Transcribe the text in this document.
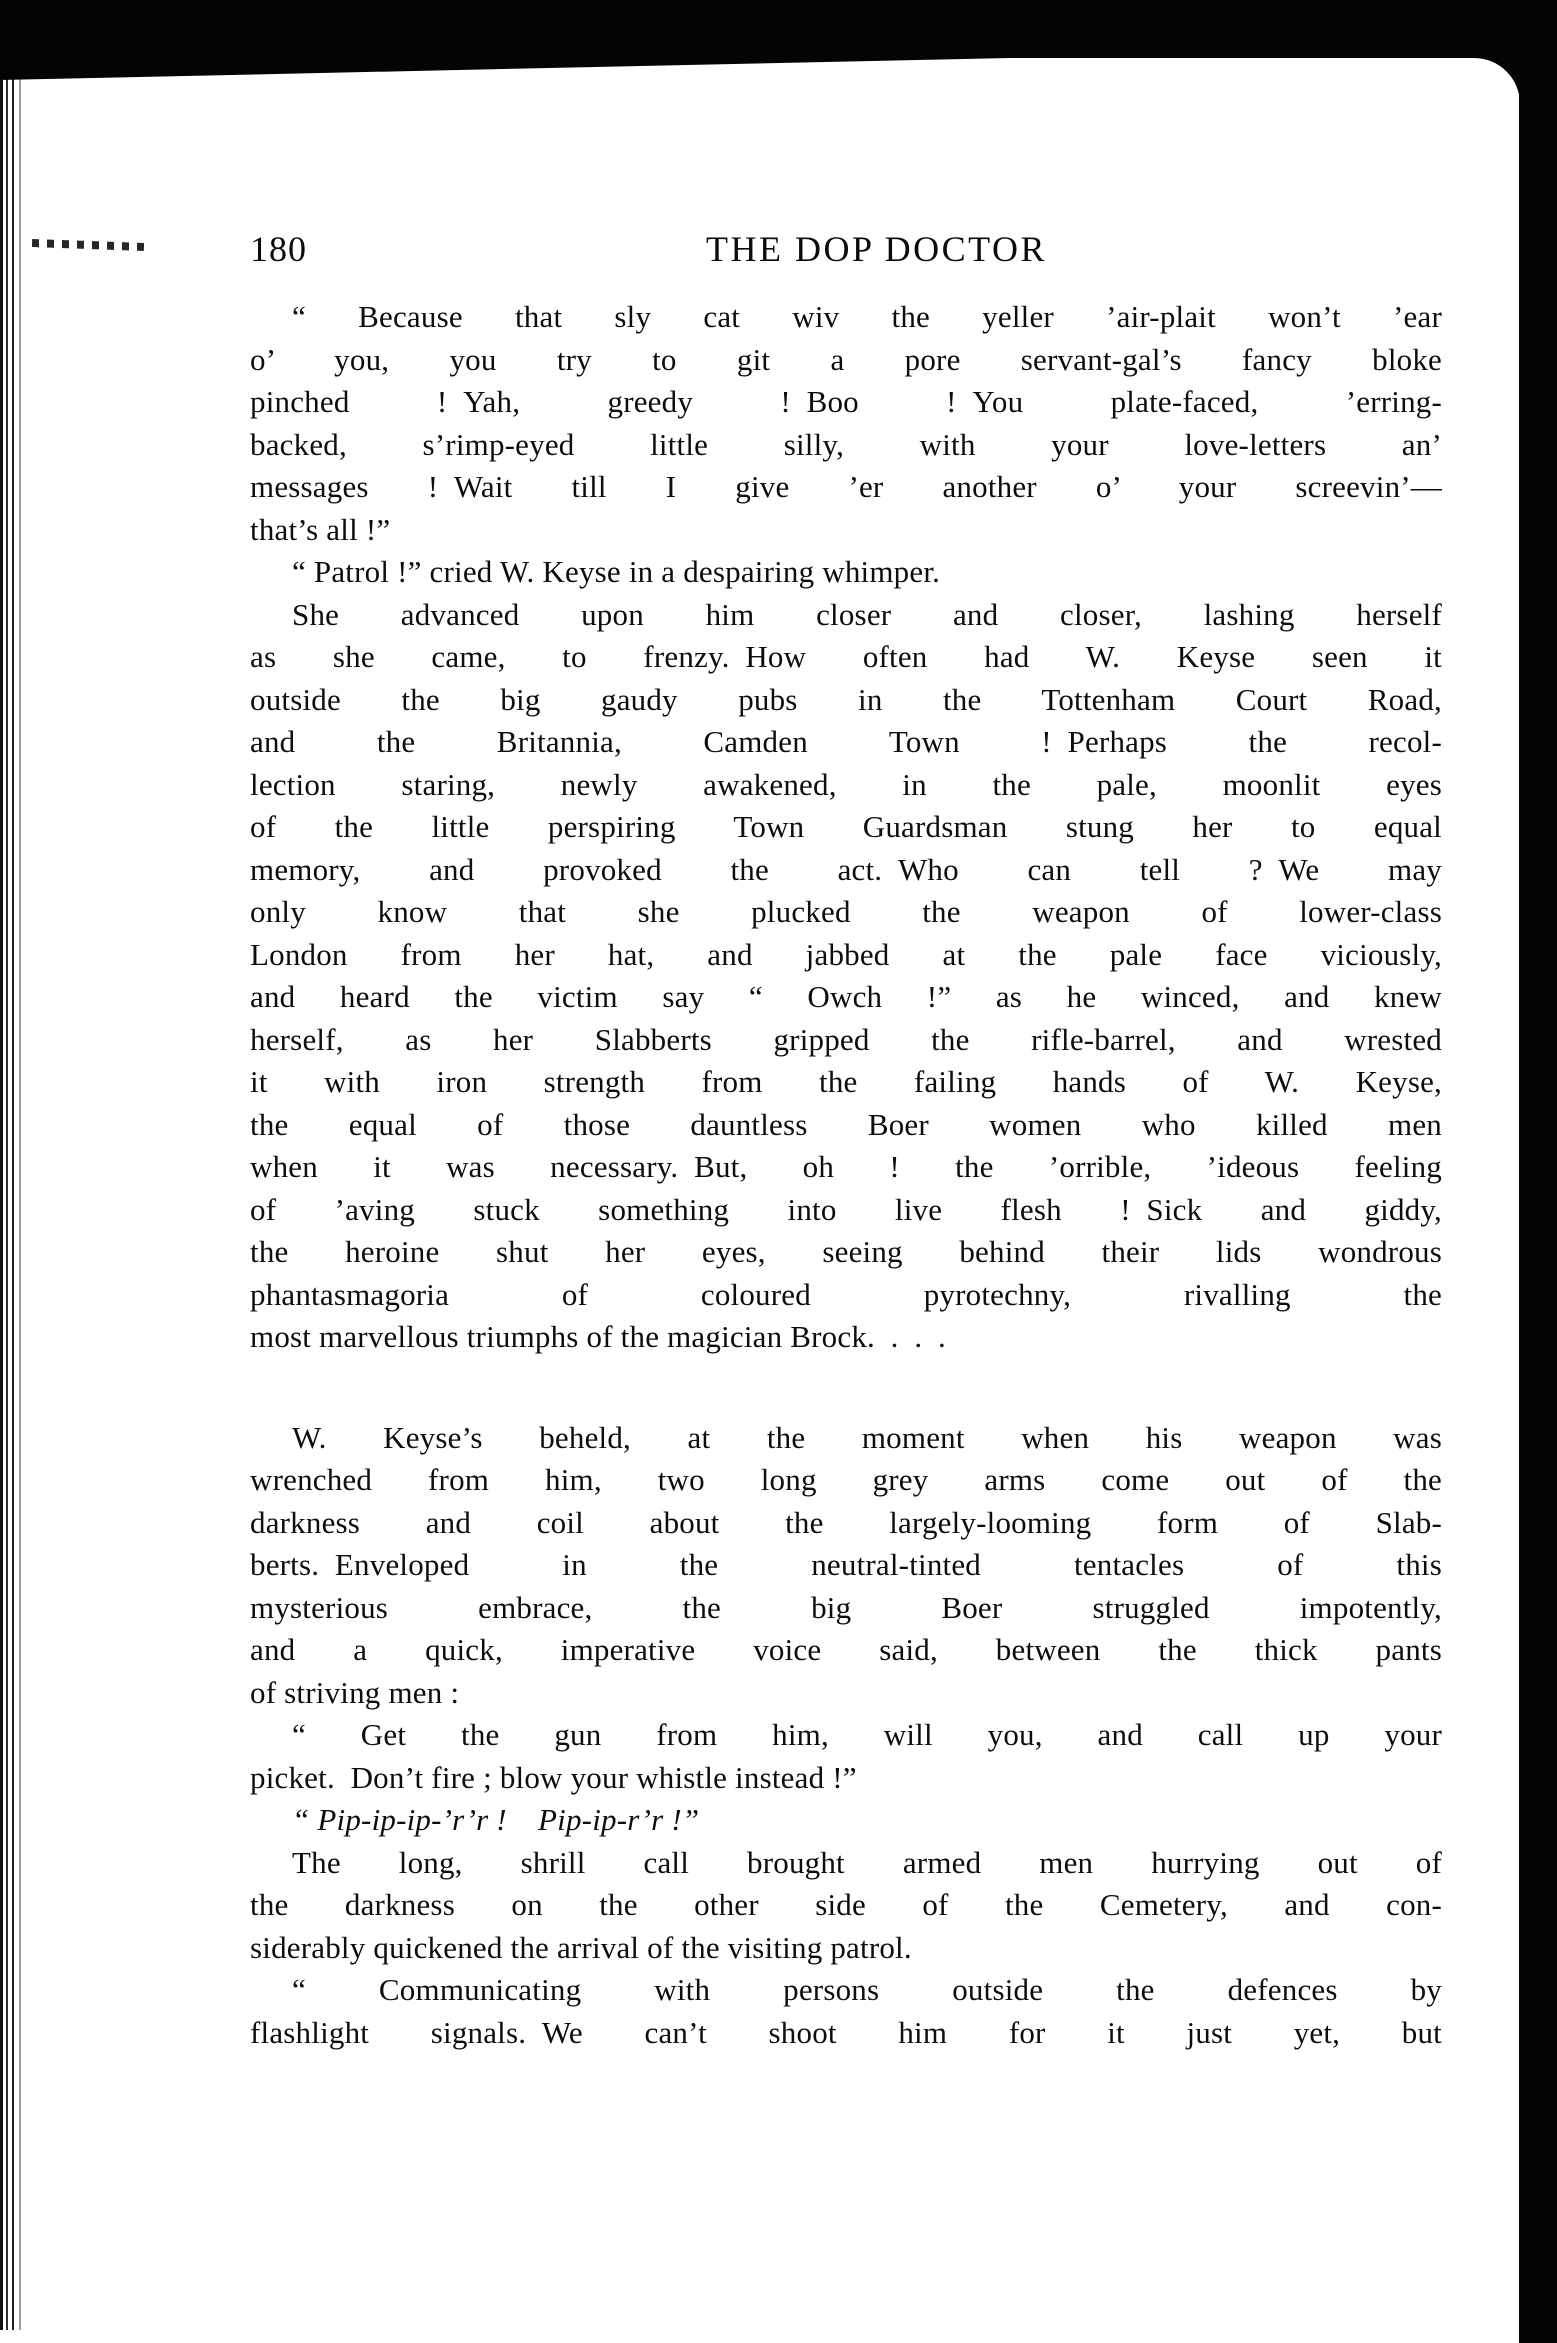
180	THE DOP DOCTOR
“ Because that sly cat wiv the yeller ’air-plait won’t ’ear
o’ you, you try to git a pore servant-gal’s fancy bloke
pinched ! Yah, greedy ! Boo ! You plate-faced, ’erring-
backed, s’rimp-eyed little silly, with your love-letters an’
messages ! Wait till I give ’er another o’ your screevin’—
that’s all !”
“ Patrol !” cried W. Keyse in a despairing whimper.
She advanced upon him closer and closer, lashing herself
as she came, to frenzy. How often had W. Keyse seen it
outside the big gaudy pubs in the Tottenham Court Road,
and the Britannia, Camden Town ! Perhaps the recol-
lection staring, newly awakened, in the pale, moonlit eyes
of the little perspiring Town Guardsman stung her to equal
memory, and provoked the act. Who can tell ? We may
only know that she plucked the weapon of lower-class
London from her hat, and jabbed at the pale face viciously,
and heard the victim say “ Owch !” as he winced, and knew
herself, as her Slabberts gripped the rifle-barrel, and wrested
it with iron strength from the failing hands of W. Keyse,
the equal of those dauntless Boer women who killed men
when it was necessary. But, oh ! the ’orrible, ’ideous feeling
of ’aving stuck something into live flesh ! Sick and giddy,
the heroine shut her eyes, seeing behind their lids wondrous
phantasmagoria of coloured pyrotechny, rivalling the
most marvellous triumphs of the magician Brock. . . .
W. Keyse’s beheld, at the moment when his weapon was
wrenched from him, two long grey arms come out of the
darkness and coil about the largely-looming form of Slab-
berts. Enveloped in the neutral-tinted tentacles of this
mysterious embrace, the big Boer struggled impotently,
and a quick, imperative voice said, between the thick pants
of striving men :
“ Get the gun from him, will you, and call up your
picket. Don’t fire ; blow your whistle instead !”
“ Pip-ip-ip-’r’r ! Pip-ip-r’r !”
The long, shrill call brought armed men hurrying out of
the darkness on the other side of the Cemetery, and con-
siderably quickened the arrival of the visiting patrol.
“ Communicating with persons outside the defences by
flashlight signals. We can’t shoot him for it just yet, but
